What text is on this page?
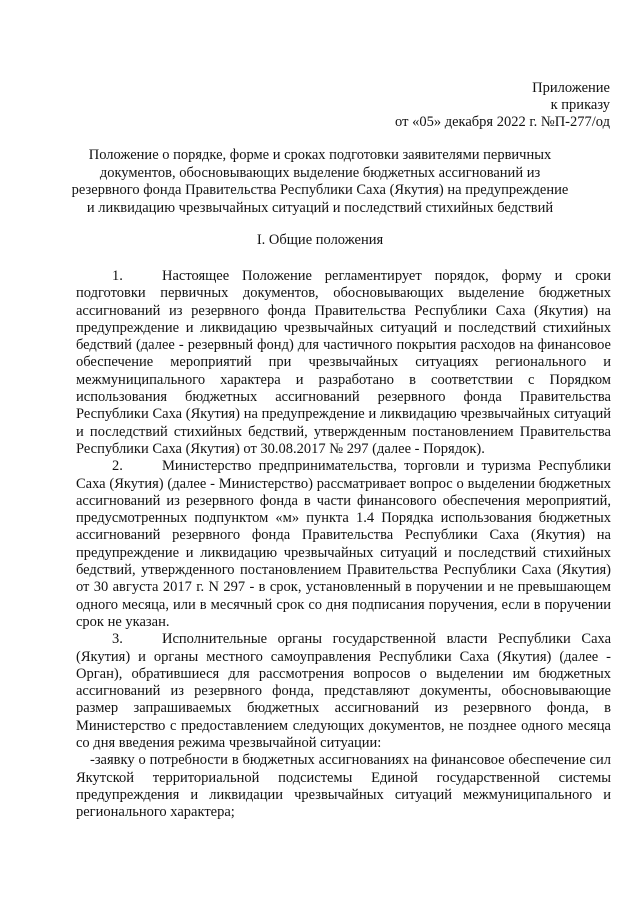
Приложение
к приказу
от «05» декабря 2022 г. №П-277/од
Положение о порядке, форме и сроках подготовки заявителями первичных документов, обосновывающих выделение бюджетных ассигнований из резервного фонда Правительства Республики Саха (Якутия) на предупреждение и ликвидацию чрезвычайных ситуаций и последствий стихийных бедствий
I. Общие положения

1.	Настоящее Положение регламентирует порядок, форму и сроки подготовки первичных документов, обосновывающих выделение бюджетных ассигнований из резервного фонда Правительства Республики Саха (Якутия) на предупреждение и ликвидацию чрезвычайных ситуаций и последствий стихийных бедствий (далее - резервный фонд) для частичного покрытия расходов на финансовое обеспечение мероприятий при чрезвычайных ситуациях регионального и межмуниципального характера и разработано в соответствии с Порядком использования бюджетных ассигнований резервного фонда Правительства Республики Саха (Якутия) на предупреждение и ликвидацию чрезвычайных ситуаций и последствий стихийных бедствий, утвержденным постановлением Правительства Республики Саха (Якутия) от 30.08.2017 № 297 (далее - Порядок).

2.	Министерство предпринимательства, торговли и туризма Республики Саха (Якутия) (далее - Министерство) рассматривает вопрос о выделении бюджетных ассигнований из резервного фонда в части финансового обеспечения мероприятий, предусмотренных подпунктом «м» пункта 1.4 Порядка использования бюджетных ассигнований резервного фонда Правительства Республики Саха (Якутия) на предупреждение и ликвидацию чрезвычайных ситуаций и последствий стихийных бедствий, утвержденного постановлением Правительства Республики Саха (Якутия) от 30 августа 2017 г. N 297 - в срок, установленный в поручении и не превышающем одного месяца, или в месячный срок со дня подписания поручения, если в поручении срок не указан.

3.	Исполнительные органы государственной власти Республики Саха (Якутия) и органы местного самоуправления Республики Саха (Якутия) (далее - Орган), обратившиеся для рассмотрения вопросов о выделении им бюджетных ассигнований из резервного фонда, представляют документы, обосновывающие размер запрашиваемых бюджетных ассигнований из резервного фонда, в Министерство с предоставлением следующих документов, не позднее одного месяца со дня введения режима чрезвычайной ситуации:

-заявку о потребности в бюджетных ассигнованиях на финансовое обеспечение сил Якутской территориальной подсистемы Единой государственной системы предупреждения и ликвидации чрезвычайных ситуаций межмуниципального и регионального характера;
